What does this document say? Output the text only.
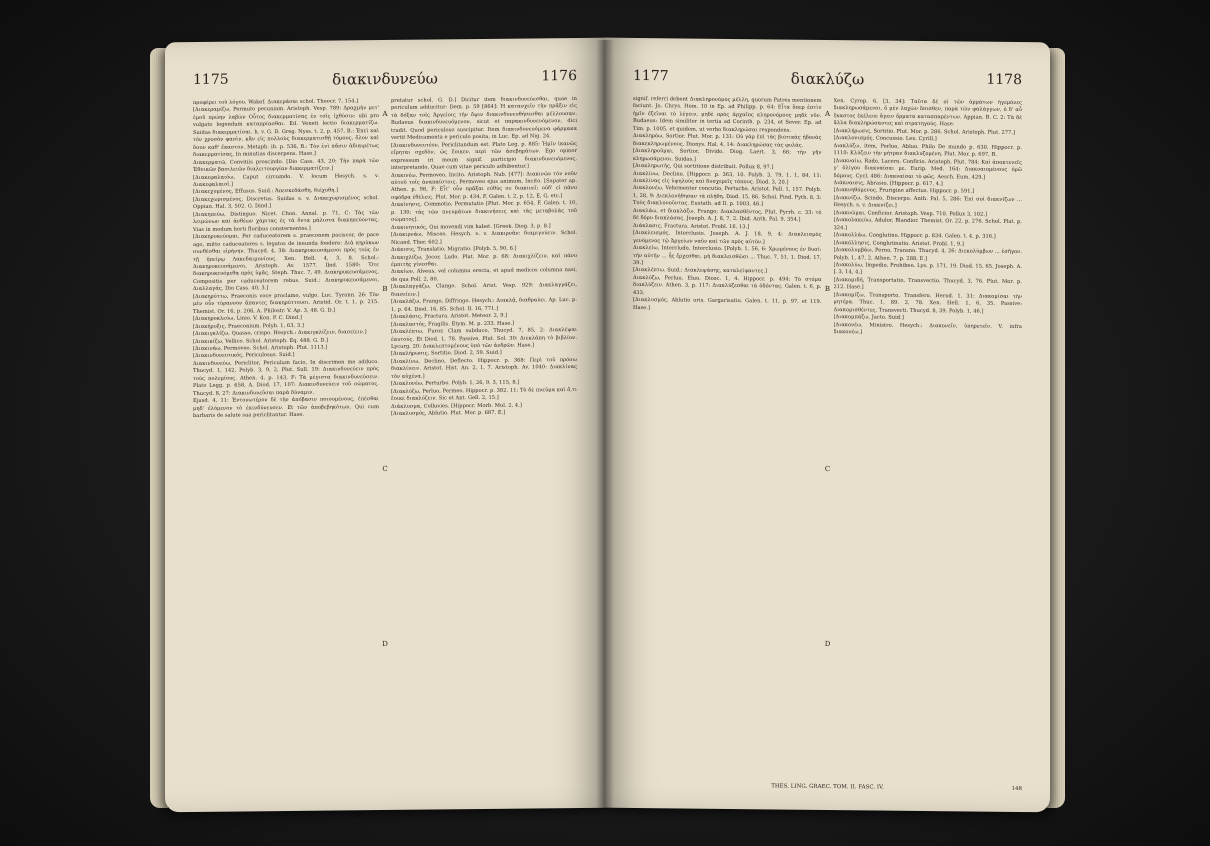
1175	διακινδυνεύω	1176

προφέρει τοῦ λόγου. Wakef. Διακεράσαι schol. Theocr. 7, 154.]

[Διακεραμίζω, Permuto pecuniam. Aristoph. Vesp. 789: Δραχμὴν μετ' ἐμοῦ πρώην λαβὼν Οὗτος διακερματίσας ἐν τοῖς ἰχθύσιν: ubi pro vulgato legendum καταπρίασθαι. Ed. Veneti lectio διακερματίζω. Suidas διακερματίσαι. h. v. G. D. Greg. Nyss. t. 2, p. 457, B.: Ἐπεὶ καὶ τὸν χρυσὸν φασὶν, κἂν εἰς πολλοὺς διακερματισθῇ τόμους, ὅλον καὶ ὅσον καθ' ἕκαστον. Metaph. ib. p. 536, B.: Τὸν ἑνὶ πᾶσιν ἀδιαιρέτως διακερματίσας, In minutias discerpens. Hase.]

Διακερματῶ, Convitiis proscindo. [Dio Cass. 43, 20: Τὴν παρὰ τῶν Ἐθνικῶν βασιλειῶν διαλειτουργίαν διακερματίζειν.]

[Διακεφαλαιόω, Caput circumdo. V. locum Hesych. s. v. Διακεφαλαιοῖ.]

[Διακεχυμένος, Effusus. Suid.: Ἀπεσκεδάσθη, διέχυθη.]

[Διακεχωρισμένος, Discretus. Suidas s. v. Διακεχωρισμένος schol. Oppian. Hal. 3, 502. G. Dind.]

[Διακηπεύω, Distinguo. Nicet. Chon. Annal. p. 71, C: Τὰς τῶν λειμώνων καὶ ἀνθέων χάριτας ἐς τὰ ὄντα μάλιστα διακηπεύοντας, Vias in modum horti floribus consternentes.]

[Διακηρυκεύομαι, Per caduceatorem s. praeconem paciscor, de pace ago, mitto caduceatores s. legatos de ineunda foedere: Διὰ κηρύκων συνθέσθαι εἰρήνην. Thucyd. 4, 38: Διακηρυκευσάμενοι πρὸς τοὺς ἐν τῇ ἠπείρῳ Λακεδαιμονίους. Xen. Hell. 4, 3, 8. Schol.: Διακηρυκευσάμενοι, Aristoph. Av. 1577. Ibid. 1580: Ὅτε διακηρυκευόμεθα πρὸς ὑμᾶς. Steph. Thuc. 7, 49. Διακηρυκευσάμενος, Compositis per caduceatorem rebus. Suid.: Διακηρυκευσάμενοι, Διαλλαγάς. Dio Cass. 40, 3.]

[Διακηρύττω, Praeconis voce proclamo, vulgo. Luc. Tyrann. 26: Τὸν μὲν οὖν τύραννον ἅπαντες διακηρύττουσι. Aristid. Or. t. 1, p. 215. Themist. Or. 16, p. 206, A. Philostr. V. Ap. 3, 48. G. D.]

[Διακηροκλεύω, Linio. V. Kon. P. C. Dind.]

[Διακήρυξις, Praeconium. Polyb. 1, 63, 3.]

[Διακιγκλίζω, Quasso, crispo. Hesych.: Διακιγκλίζειν, διασείειν.]

[Διακικίζω, Vellico. Schol. Aristoph. Eq. 488. G. D.]

[Διακινάω, Permoveo. Schol. Aristoph. Plut. 1113.]

[Διακινδυνευτικός, Periculosus. Suid.]

Διακινδυνεύω, Periclitor, Periculum facio, In discrimen me adduco. Thucyd. 1, 142, Polyb. 3, 9, 2, Plut. Sull. 19: Διακινδυνεύειν πρὸς τοὺς πολεμίους. Athen. 4, p. 143, F: Τὰ μέγιστα διακινδυνεύσειν. Plato Legg. p. 658, A. Diod. 17, 107: Διακινδυνεύειν τοῦ σώματος. Thucyd. 8, 27: Διακινδυνεῦσαι παρὰ δύναμιν.

Ejusd. 4, 11: Ἐντονωτέρον δὲ τὴν ἀπόβασιν ποιουμένους, ἐπέσθαι μηδ' ἑλόμενον τὸ ἐκινδύνευσεν. Et τῶν ἀποβεβηκότων, Qui cum barbaris de salute sua periclitantur. Hase.

pretatur schol. G. D.] Dicitur item διακινδυνεύεσθαι, quae in periculum adducitur: Dem. p. 59 [864]: Ἡ κατασχεῖν τὴν πρᾶξιν εἰς τὰ δόξαν τοῖς Ἀργείοις τὴν ὄψιν διακινδυνευθήσεσθαι μέλλουσαν. Budaeus διακινδυνευόμενον, sicut et παρακινδυνευόμενον, dici tradit. Quod periculoso suscipitur. Item διακινδυνευόμενα φάρμακα vertit Medicamenta e periculo posita, in Luc. Ep. ad Nig. 24.

[Διακινδυνευτέον, Periclitandum est. Plato Leg. p. 885: Ἡμῖν ἱκανῶς εἴρηται σχεδὸν, ὡς ἔοικεν, περὶ τῶν ἀσεβημάτων. Ego opinor expressum iri meum signif. participio διακινδυνευόμενος, interpretando, Quae cum vitae periculo adhibentur.]

Διακινέω, Permoveo, Incito. Aristoph. Nub. [477]: Διακινῶν τὸν νοῦν αὐτοῦ τοῖς ἀναπαίστοις. Permoveo ejus animum, Incito. [Sapater ap. Athen. p. 98, F: Εἶτ' οὖν πρᾶξαι εὐθὺς σε διακινεῖ; οὐδ' εἰ πάνυ σφόδρα ἐθέλεις. Plut. Mor. p. 434, F, Galen. t. 2, p. 12, Ε, G, etc.]

Διακίνησις, Commotio, Permutatio [Plut. Mor. p. 654, F, Galen. t. 10, p. 130: τὰς τῶν πνευμάτων διακινήσεις καὶ τὰς μεταβολὰς τοῦ σώματος].

Διακινητικός, Qui movendi vim habet. [Greek. Diog. 3, p. 8.]

[Διακιρνάω, Misceo. Hesych. s. v. Διακιρνᾶν: διαμιγνύειν. Schol. Nicand. Ther. 602.]

Διάκισις, Translatio, Migratio. [Polyb. 5, 90, 6.]

Διακιχλίζω, Jocor, Ludo. Plut. Mor. p. 68: Διακιχλίζειν, καὶ πάνυ ἐμπιτὴς γίνεσθαι.

Διακίων, Alveus, vel columna erecta, et apud medicos columna nasi, de qua Poll. 2, 80.

[Διακλαγγάζω, Clango. Schol. Arist. Vesp. 929: Διακλαγγάζει, διασείειν.]

[Διακλάζω, Frango, Diffringo. Hesych.: Διακλᾷ, διαθραύει. Ap. Luc. p. 1, p. 64. Diod. 16, 85. Schol. Il. 16, 771.]

[Διακλάσις, Fractura. Aristot. Meteor. 2, 9.]

[Διακλαστός, Fragilis. Etym. M. p. 233. Hase.]

[Διακλέπτω, Furor, Clam subduco, Thucyd. 7, 85, 2: Διακλέψαι ἑαυτούς. Et Diod. 1, 78. Passive, Plut. Sol. 30: Διεκλάπη τὸ βιβλίον. Lycurg. 20: Διακλεπτομένους ὑπὸ τῶν ἀνδρῶν. Hase.]

[Διακλήρωσις, Sortitio. Diod. 2, 59. Suid.]

[Διακλίνω, Declino, Deflecto. Hippocr. p. 368: Περὶ τοῦ πρόσω διακλίνειν. Aristot. Hist. An. 2, 1, 7. Aristoph. Av. 1040: Διακλίνας τὸν αὐχένα.]

[Διακλονέω, Perturbo. Polyb. 1, 26, 9. 3, 115, 8.]

[Διακλύζω, Perluo, Permeo. Hippocr. p. 382, 11: Τὸ δὲ πνεῦμα καὶ ὅ,τι ἔοικε διακλύζειν. Sic et Ant. Gell. 2, 15.]

Διάκλυσμα, Colluvies. [Hippocr. Morb. Mul. 2, 4.]

[Διακλυσμός, Ablutio. Plut. Mor. p. 687, E.]

A
B
C
D
1177	διακλύζω	1178

signif. referri debent Διακληρονόμος μέλλη, quorum Patres mentionem faciunt. Jo. Chrys. Hom. 10 in Ep. ad Philipp. p. 64: Εἶτα ὅπερ ἐστὶν ἡμῖν ἐξεῖναι τὸ λέγειν, μηδὲ πρὸς ἀρχαῖος κληρονόμους μηδὲ νῦν. Budaeus: Idem similiter in tertia ad Corinth. p. 234, et Sever. Ep. ad Tim. p. 1005, et quidem, ut verbo διακληρώσαι respondens.

Διακληρόω, Sortior. Plut. Mor. p. 131: Οὐ γὰρ ἐπὶ τὰς βιοτικὰς ἡδονὰς διακεκληρωμένους. Dionys. Hal. 4, 14: Διακληρώσας τὰς φυλάς.

[Διακληροῦμαι, Sortior, Divido. Diog. Laert. 3, 66: τὴν γῆν κληρωσάμενοι. Suidas.]

[Διακληρωτής, Qui sortitione distribuit. Pollux 8, 97.]

Διακλίνω, Declino. [Hippocr. p. 363, 10. Polyb. 3, 79, 1. 1, 84, 11: Διακλίνας εἰς ὑψηλοὺς καὶ δυσχερεῖς τόπους. Diod. 3, 20.]

Διακλονέω, Vehementer concutio, Perturbo. Aristot. Poll. 1, 157. Polyb. 1, 28, 9: Διεκλονήθησαν τὰ πλήθη. Diod. 15, 86. Schol. Pind. Pyth. 8, 3: Τοὺς διακλονοῦντας. Eustath. ad Il. p. 1003, 46.]

Διακλάω, et διακλάζω, Frango; Διακλασθέντος, Plut. Pyrrh. c. 33: τὸ δὲ δόρυ διακλάσας. Joseph. A. J. 8, 7, 2. Ibid. Anth. Pal. 9, 354.]

Διάκλασις, Fractura. Aristot. Probl. 16, 13.]

[Διακλεισμός, Interclusio. Joseph. A. J. 18, 9, 4: Διακλεισμὸς γενόμενος τῷ Ἀργείων ναῦν καὶ τῶν πρὸς αὐτόν.]

Διακλείω, Intercludo, Interclusio. [Polyb. 1, 56, 6: Χρωμένους ἐν δυσί: τὴν αὐτὴν ... ἧς ἔρχεσθαι, μὴ διακλεισθῶσι ... Thuc. 7, 51, 1. Diod. 17, 39.]

[Διακλέπτω. Suid.: Διακλεψάσης, καταλείψαντες.]

Διακλύζω, Perluo, Eluo. Diosc. 1, 4. Hippocr. p. 494: Τὸ στόμα διακλύζειν. Athen. 3, p. 117: Διακλύζεσθαι τὰ ὀδόντας. Galen. t. 6, p. 433.

[Διακλυσμός, Ablutio oris, Gargarisatio. Galen. t. 11, p. 97, et 119. Hase.]

Xen. Cyrop. 6, [3, 34]: Ταῦτα δὲ οἱ τῶν ἀρμάτων ἡγεμόνες διακληρωσάμενοι, ὅ μὲν λαχὼν ὅπισθεν, παρὰ τῶν φαλάγγων, ὁ δ' αὖ ἕκαστος ἐκέλευε ἄγειν ὅρματα κατασπαρέντων. Appian. B. C. 2: Τὰ δὲ ἄλλα διακληρώσαντες καὶ στρατηγούς. Hase.

[Διακλήρωσις, Sortitio. Plut. Mor. p. 286. Schol. Aristoph. Plut. 277.]

[Διακλονισμός, Concussio. Lex. Cyrill.]

Διακλύζω, item, Perluo, Abluo. Philo De mundo p. 630. Hippocr. p. 1110: Κλύζειν τὴν μήτραν διακλυζομένη. Plut. Mor. p. 697, B.

[Διακναίω, Rado, Lacero, Conficio. Aristoph. Plut. 784: Καὶ ἀποκτενεῖς γ' ὀλίγου διακναίσαι με. Eurip. Med. 164: Διακναιομένους ὁρῶ δόμους. Cycl. 486: Διακναίσαι τὸ φῶς. Aesch. Eum. 429.]

Διάκναισις, Abrasio. [Hippocr. p. 617, 4.]

[Διακνηθόμενος, Prurigine affectus. Hippocr. p. 591.]

[Διακνίζω, Scindo, Discerpo. Anth. Pal. 5, 286: Ἐπὶ σοὶ διακνίζων ... Hesych. s. v. Διακνίζει.]

[Διακνῶμαι, Conficior. Aristoph. Vesp. 710. Pollux 3, 102.]

[Διακολακεύω, Adulor, Blandior. Themist. Or. 22, p. 276. Schol. Plat. p. 324.]

[Διακολλάω, Conglutino. Hippocr. p. 834. Galen. t. 4, p. 316.]

[Διακόλλησις, Conglutinatio. Aristot. Probl. 1, 9.]

[Διακολυμβάω, Perno, Transno. Thucyd. 4, 26: Διεκολύμβων ... ἐσῆγον. Polyb. 1, 47, 2. Athen. 7, p. 288, E.]

[Διακολύω, Impedio, Prohibeo. Lys. p. 171, 19. Diod. 15, 65. Joseph. A. J. 3, 14, 4.]

[Διακομιδή, Transportatio, Transvectio. Thucyd. 3, 76. Plut. Mor. p. 212. Hase.]

[Διακομίζω, Transporto, Transfero. Herod. 1, 31: Διακομίσαι τὴν μητέρα. Thuc. 1, 89. 2, 78. Xen. Hell. 1, 6, 35. Passive: Διακομισθέντες, Transvecti. Thucyd. 8, 39. Polyb. 1, 46.]

[Διακομπάζω, Jacto. Suid.]

[Διακονέω, Ministro. Hesych.: Διακονεῖν, ὑπηρετεῖν. V. infra διακονέω.]

A
B
C
D
THES. LING. GRAEC. TOM. II. FASC. IV.	148
